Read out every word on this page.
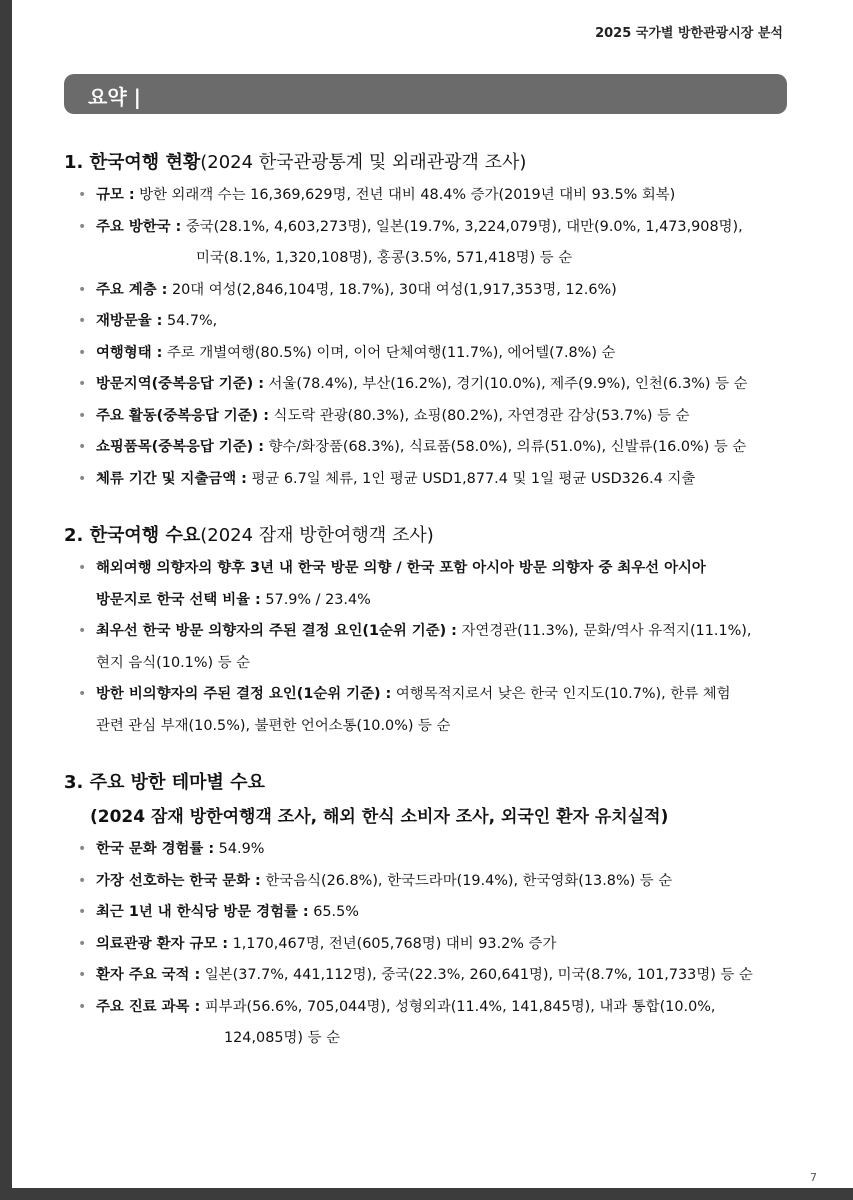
2025 국가별 방한관광시장 분석
요약 |
1. 한국여행 현황(2024 한국관광통계 및 외래관광객 조사)
• 규모 : 방한 외래객 수는 16,369,629명, 전년 대비 48.4% 증가(2019년 대비 93.5% 회복)
• 주요 방한국 : 중국(28.1%, 4,603,273명), 일본(19.7%, 3,224,079명), 대만(9.0%, 1,473,908명),
미국(8.1%, 1,320,108명), 홍콩(3.5%, 571,418명) 등 순
• 주요 계층 : 20대 여성(2,846,104명, 18.7%), 30대 여성(1,917,353명, 12.6%)
• 재방문율 : 54.7%,
• 여행형태 : 주로 개별여행(80.5%) 이며, 이어 단체여행(11.7%), 에어텔(7.8%) 순
• 방문지역(중복응답 기준) : 서울(78.4%), 부산(16.2%), 경기(10.0%), 제주(9.9%), 인천(6.3%) 등 순
• 주요 활동(중복응답 기준) : 식도락 관광(80.3%), 쇼핑(80.2%), 자연경관 감상(53.7%) 등 순
• 쇼핑품목(중복응답 기준) : 향수/화장품(68.3%), 식료품(58.0%), 의류(51.0%), 신발류(16.0%) 등 순
• 체류 기간 및 지출금액 : 평균 6.7일 체류, 1인 평균 USD1,877.4 및 1일 평균 USD326.4 지출
2. 한국여행 수요(2024 잠재 방한여행객 조사)
• 해외여행 의향자의 향후 3년 내 한국 방문 의향 / 한국 포함 아시아 방문 의향자 중 최우선 아시아
방문지로 한국 선택 비율 : 57.9% / 23.4%
• 최우선 한국 방문 의향자의 주된 결정 요인(1순위 기준) : 자연경관(11.3%), 문화/역사 유적지(11.1%),
현지 음식(10.1%) 등 순
• 방한 비의향자의 주된 결정 요인(1순위 기준) : 여행목적지로서 낮은 한국 인지도(10.7%), 한류 체험
관련 관심 부재(10.5%), 불편한 언어소통(10.0%) 등 순
3. 주요 방한 테마별 수요
(2024 잠재 방한여행객 조사, 해외 한식 소비자 조사, 외국인 환자 유치실적)
• 한국 문화 경험률 : 54.9%
• 가장 선호하는 한국 문화 : 한국음식(26.8%), 한국드라마(19.4%), 한국영화(13.8%) 등 순
• 최근 1년 내 한식당 방문 경험률 : 65.5%
• 의료관광 환자 규모 : 1,170,467명, 전년(605,768명) 대비 93.2% 증가
• 환자 주요 국적 : 일본(37.7%, 441,112명), 중국(22.3%, 260,641명), 미국(8.7%, 101,733명) 등 순
• 주요 진료 과목 : 피부과(56.6%, 705,044명), 성형외과(11.4%, 141,845명), 내과 통합(10.0%,
124,085명) 등 순
7
